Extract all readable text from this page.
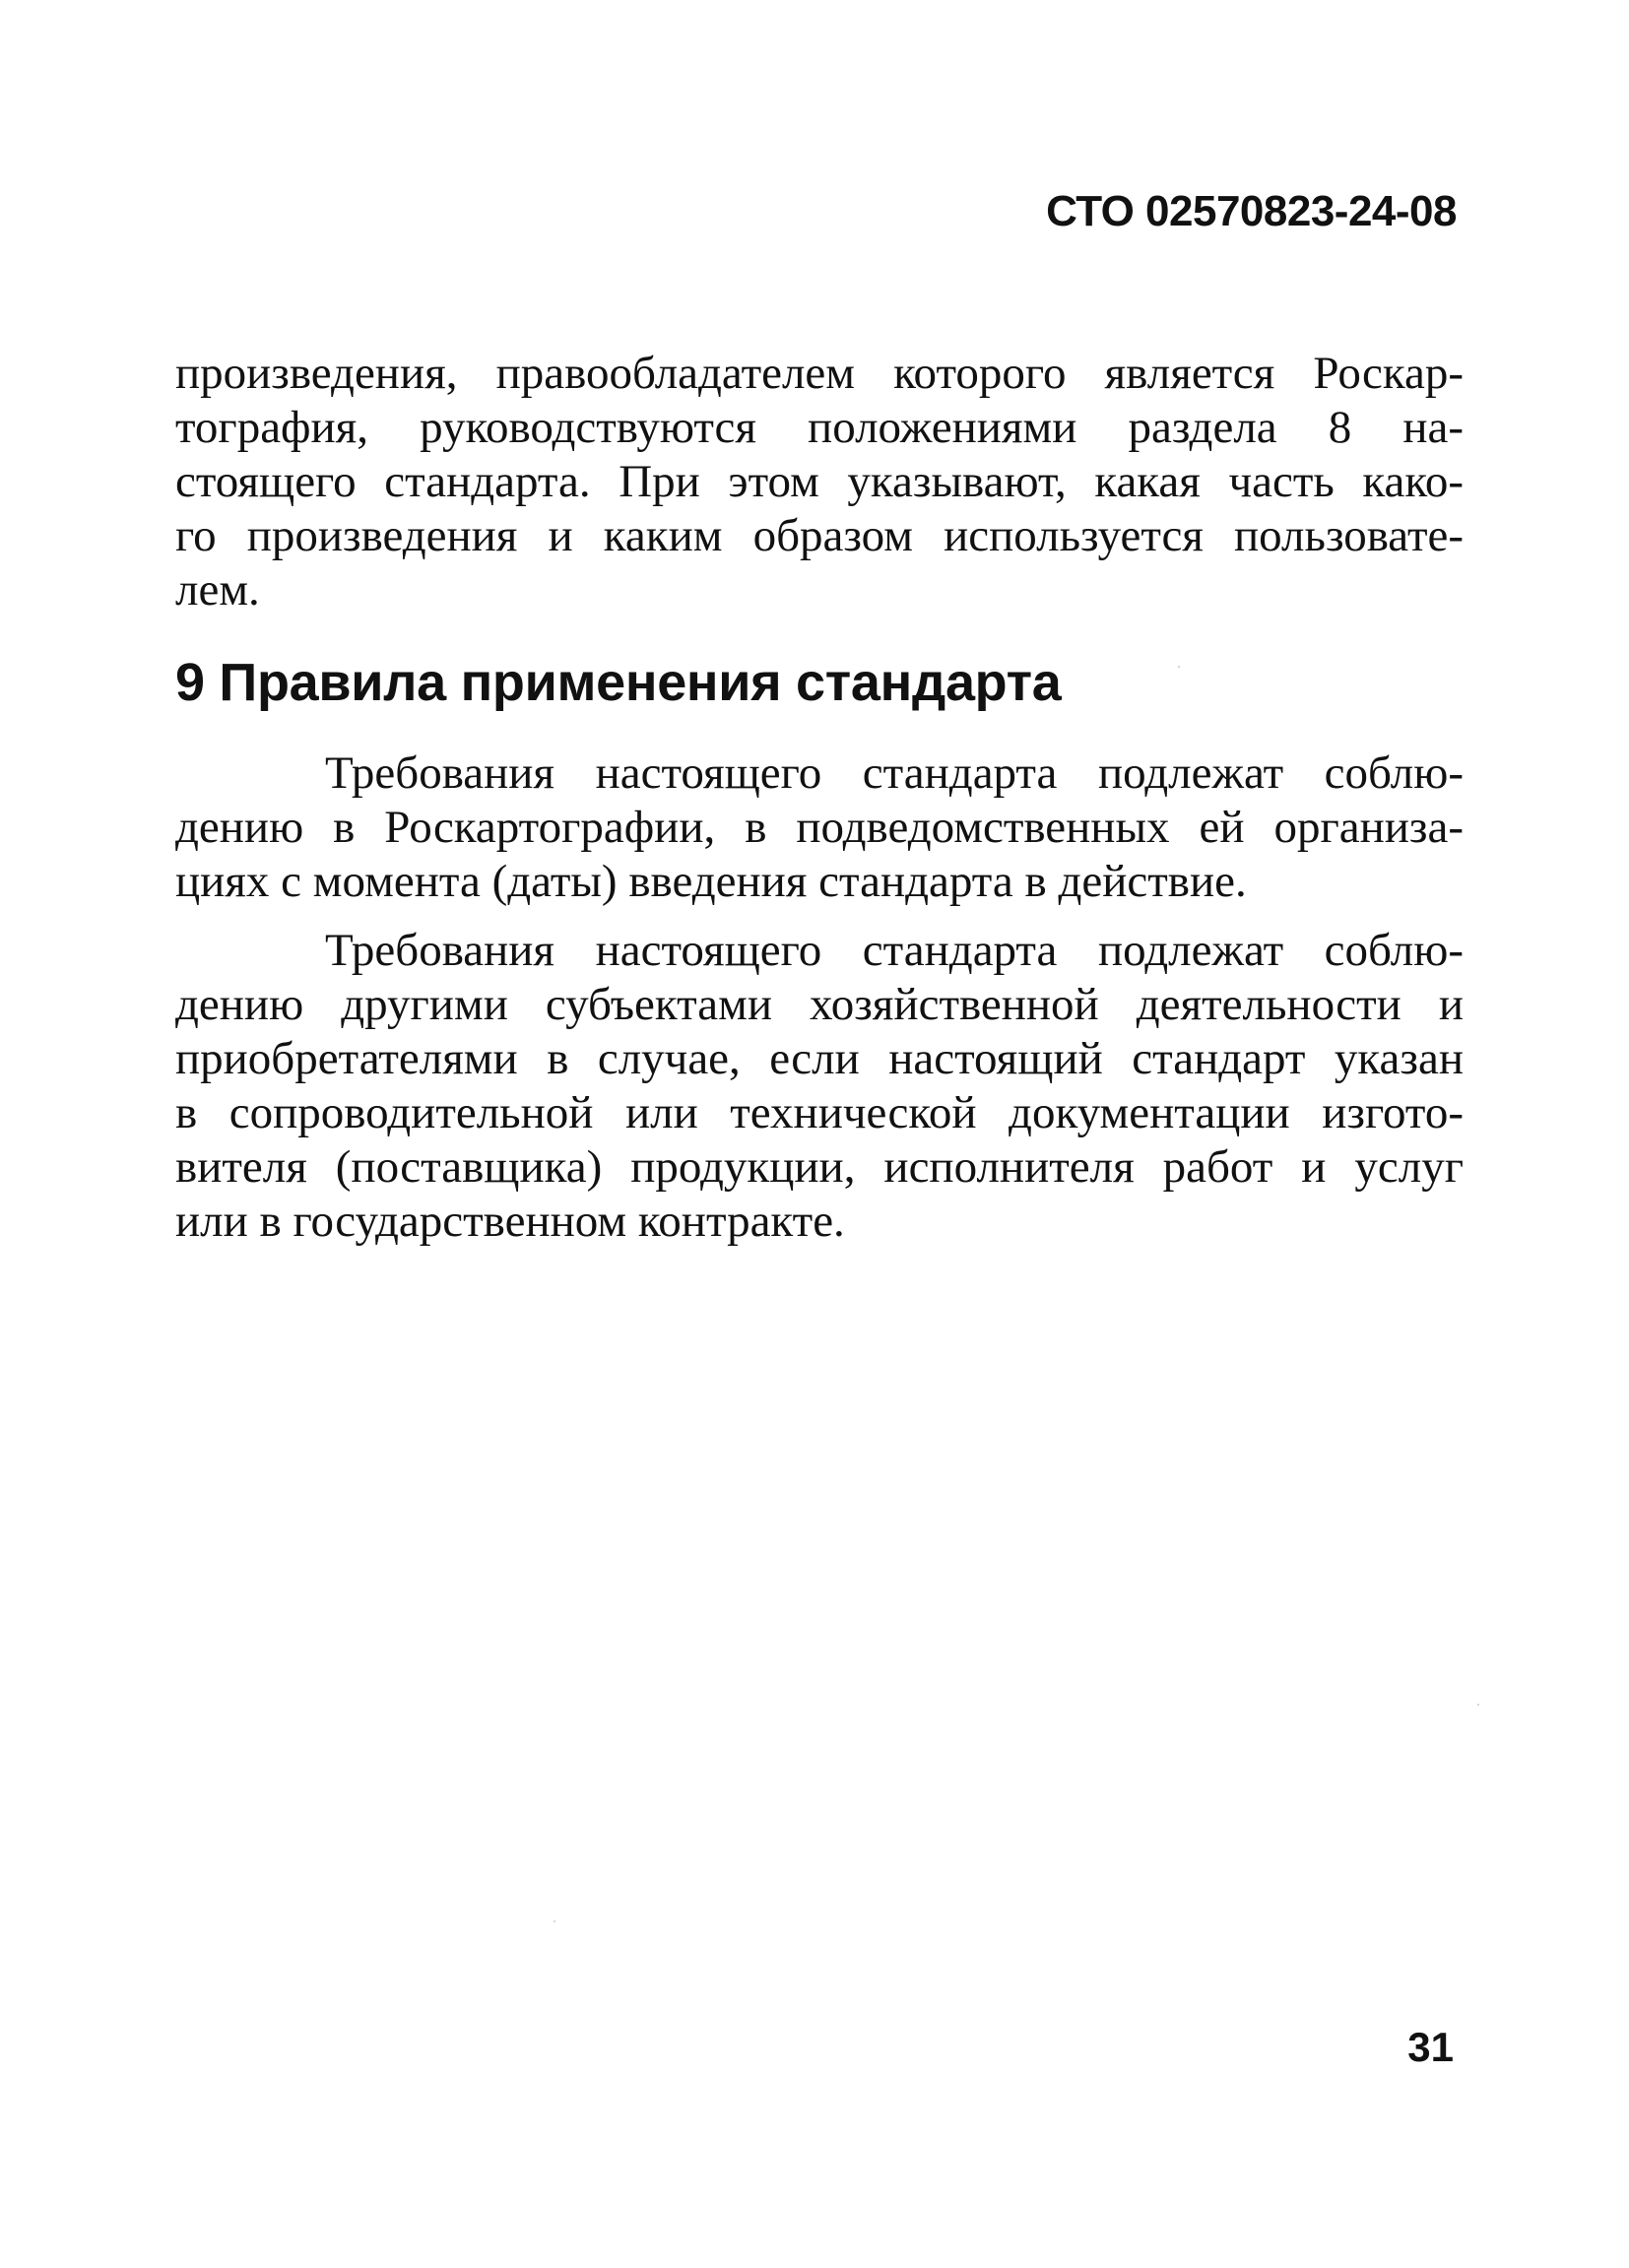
СТО 02570823-24-08
произведения, правообладателем которого является Роскар-
тография, руководствуются положениями раздела 8 на-
стоящего стандарта. При этом указывают, какая часть како-
го произведения и каким образом используется пользовате-
лем.
9 Правила применения стандарта
Требования настоящего стандарта подлежат соблю-
дению в Роскартографии, в подведомственных ей организа-
циях с момента (даты) введения стандарта в действие.
Требования настоящего стандарта подлежат соблю-
дению другими субъектами хозяйственной деятельности и
приобретателями в случае, если настоящий стандарт указан
в сопроводительной или технической документации изгото-
вителя (поставщика) продукции, исполнителя работ и услуг
или в государственном контракте.
31
